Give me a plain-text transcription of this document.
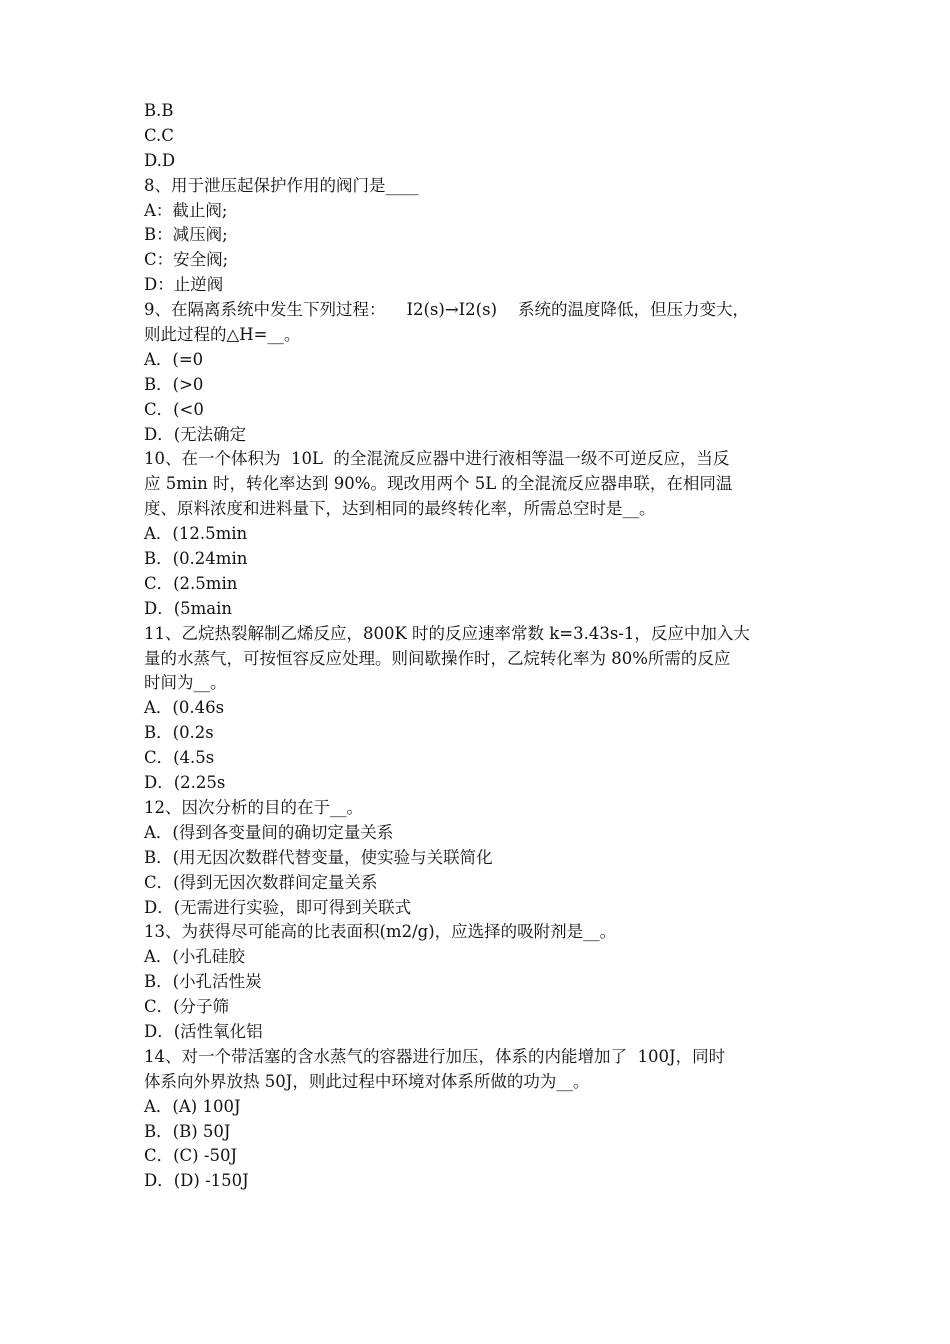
B.B
C.C
D.D
8、用于泄压起保护作用的阀门是____
A：截止阀;
B：减压阀;
C：安全阀;
D：止逆阀
9、在隔离系统中发生下列过程：    I2(s)→I2(s)    系统的温度降低，但压力变大，
则此过程的△H=__。
A．(=0
B．(>0
C．(<0
D．(无法确定
10、在一个体积为  10L  的全混流反应器中进行液相等温一级不可逆反应，当反
应 5min 时，转化率达到 90%。现改用两个 5L 的全混流反应器串联，在相同温
度、原料浓度和进料量下，达到相同的最终转化率，所需总空时是__。
A．(12.5min
B．(0.24min
C．(2.5min
D．(5main
11、乙烷热裂解制乙烯反应，800K 时的反应速率常数 k=3.43s-1，反应中加入大
量的水蒸气，可按恒容反应处理。则间歇操作时，乙烷转化率为 80%所需的反应
时间为__。
A．(0.46s
B．(0.2s
C．(4.5s
D．(2.25s
12、因次分析的目的在于__。
A．(得到各变量间的确切定量关系
B．(用无因次数群代替变量，使实验与关联简化
C．(得到无因次数群间定量关系
D．(无需进行实验，即可得到关联式
13、为获得尽可能高的比表面积(m2/g)，应选择的吸附剂是__。
A．(小孔硅胶
B．(小孔活性炭
C．(分子筛
D．(活性氧化铝
14、对一个带活塞的含水蒸气的容器进行加压，体系的内能增加了  100J，同时
体系向外界放热 50J，则此过程中环境对体系所做的功为__。
A．(A) 100J
B．(B) 50J
C．(C) -50J
D．(D) -150J
